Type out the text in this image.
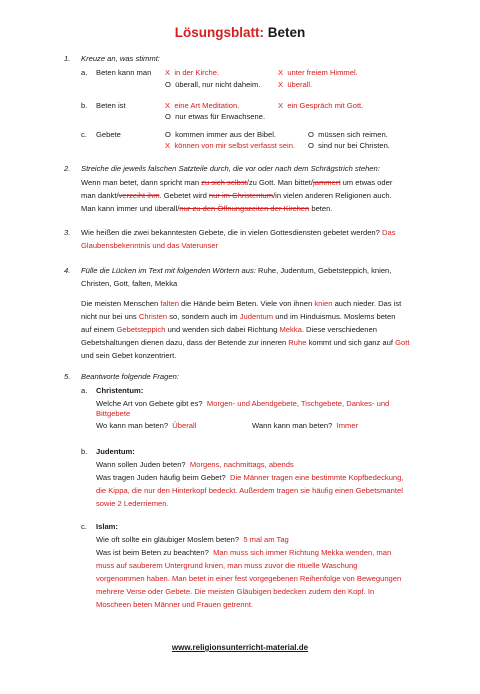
Lösungsblatt: Beten
1. Kreuze an, was stimmt:
a. Beten kann man X in der Kirche.	X unter freiem Himmel.
O überall, nur nicht daheim. X überall.
b. Beten ist	X eine Art Meditation.	X ein Gespräch mit Gott.
O nur etwas für Erwachsene.
c. Gebete	O kommen immer aus der Bibel.	O müssen sich reimen.
X können von mir selbst verfasst sein. O sind nur bei Christen.
2. Streiche die jeweils falschen Satzteile durch, die vor oder nach dem Schrägstrich stehen:
Wenn man betet, dann spricht man zu sich selbst/zu Gott. Man bittet/jammert um etwas oder
man dankt/verzeiht ihm. Gebetet wird nur im Christentum/in vielen anderen Religionen auch.
Man kann immer und überall/nur zu den Öffnungszeiten der Kirchen beten.
3. Wie heißen die zwei bekanntesten Gebete, die in vielen Gottesdiensten gebetet werden? Das
Glaubensbekenntnis und das Vaterunser
4. Fülle die Lücken im Text mit folgenden Wörtern aus: Ruhe, Judentum, Gebetsteppich, knien,
Christen, Gott, falten, Mekka
Die meisten Menschen falten die Hände beim Beten. Viele von ihnen knien auch nieder. Das ist
nicht nur bei uns Christen so, sondern auch im Judentum und im Hinduismus. Moslems beten
auf einem Gebetsteppich und wenden sich dabei Richtung Mekka. Diese verschiedenen
Gebetshaltungen dienen dazu, dass der Betende zur inneren Ruhe kommt und sich ganz auf Gott
und sein Gebet konzentriert.
5. Beantworte folgende Fragen:
a. Christentum:
Welche Art von Gebete gibt es? Morgen- und Abendgebete, Tischgebete, Dankes- und
Bittgebete
Wo kann man beten? Überall	Wann kann man beten? Immer
b. Judentum:
Wann sollen Juden beten? Morgens, nachmittags, abends
Was tragen Juden häufig beim Gebet? Die Männer tragen eine bestimmte Kopfbedeckung,
die Kippa, die nur den Hinterkopf bedeckt. Außerdem tragen sie häufig einen Gebetsmantel
sowie 2 Lederriemen.
c. Islam:
Wie oft sollte ein gläubiger Moslem beten? 5 mal am Tag
Was ist beim Beten zu beachten? Man muss sich immer Richtung Mekka wenden, man
muss auf sauberem Untergrund knien, man muss zuvor die rituelle Waschung
vorgenommen haben. Man betet in einer fest vorgegebenen Reihenfolge von Bewegungen
mehrere Verse oder Gebete. Die meisten Gläubigen bedecken zudem den Kopf. In
Moscheen beten Männer und Frauen getrennt.
www.religionsunterricht-material.de
